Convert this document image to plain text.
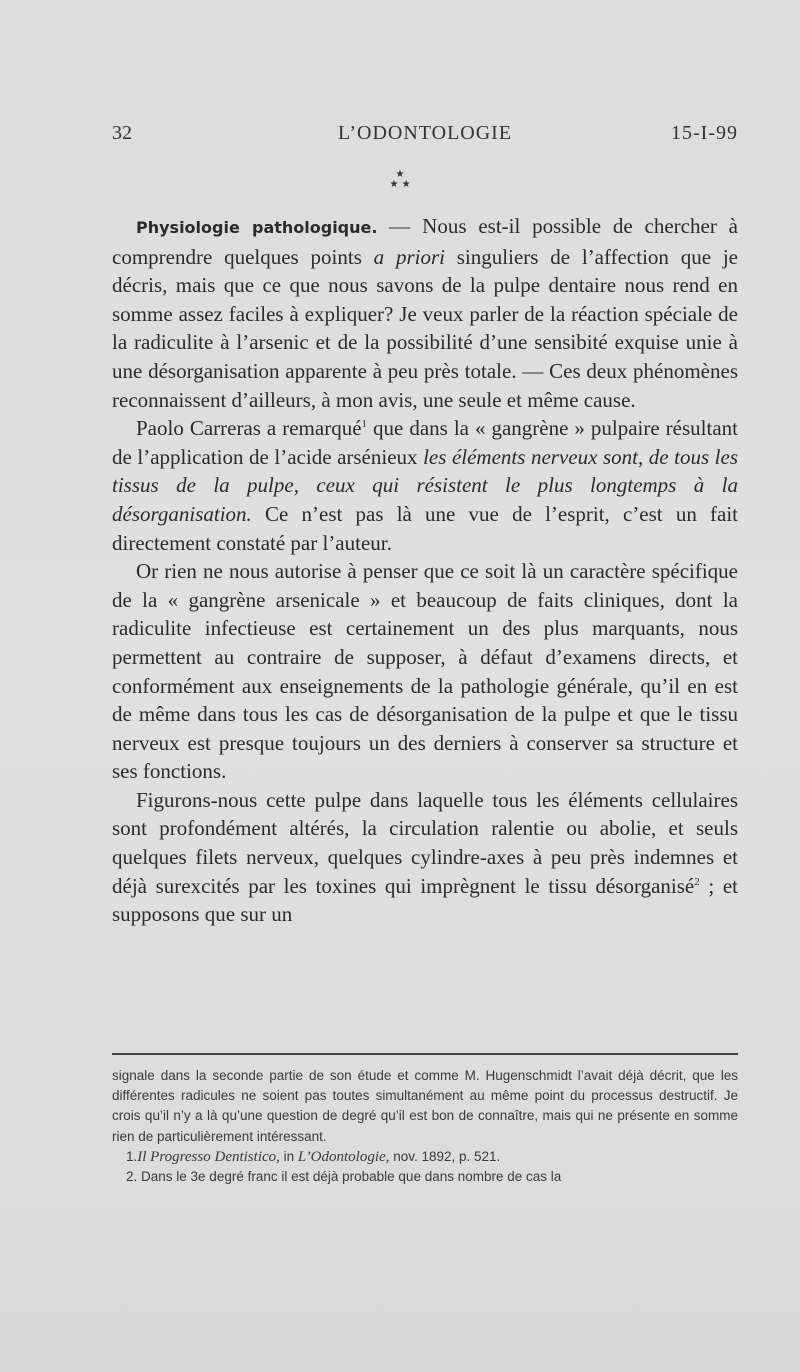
32	L’ODONTOLOGIE	15-I-99
★
★ ★

Physiologie pathologique. — Nous est-il possible de chercher à comprendre quelques points a priori singuliers de l’affection que je décris, mais que ce que nous savons de la pulpe dentaire nous rend en somme assez faciles à expliquer? Je veux parler de la réaction spéciale de la radiculite à l’arsenic et de la possibilité d’une sensibité exquise unie à une désorganisation apparente à peu près totale. — Ces deux phénomènes reconnaissent d’ailleurs, à mon avis, une seule et même cause.

Paolo Carreras a remarqué$^1$ que dans la « gangrène » pulpaire résultant de l’application de l’acide arsénieux les éléments nerveux sont, de tous les tissus de la pulpe, ceux qui résistent le plus longtemps à la désorganisation. Ce n’est pas là une vue de l’esprit, c’est un fait directement constaté par l’auteur.

Or rien ne nous autorise à penser que ce soit là un caractère spécifique de la « gangrène arsenicale » et beaucoup de faits cliniques, dont la radiculite infectieuse est certainement un des plus marquants, nous permettent au contraire de supposer, à défaut d’examens directs, et conformément aux enseignements de la pathologie générale, qu’il en est de même dans tous les cas de désorganisation de la pulpe et que le tissu nerveux est presque toujours un des derniers à conserver sa structure et ses fonctions.

Figurons-nous cette pulpe dans laquelle tous les éléments cellulaires sont profondément altérés, la circulation ralentie ou abolie, et seuls quelques filets nerveux, quelques cylindre-axes à peu près indemnes et déjà surexcités par les toxines qui imprègnent le tissu désorganisé$^2$ ; et supposons que sur un

signale dans la seconde partie de son étude et comme M. Hugenschmidt l’avait déjà décrit, que les différentes radicules ne soient pas toutes simultanément au même point du processus destructif. Je crois qu’il n’y a là qu’une question de degré qu’il est bon de connaître, mais qui ne présente en somme rien de particulièrement intéressant.

1.Il Progresso Dentistico, in L’Odontologie, nov. 1892, p. 521.

2. Dans le 3e degré franc il est déjà probable que dans nombre de cas la
